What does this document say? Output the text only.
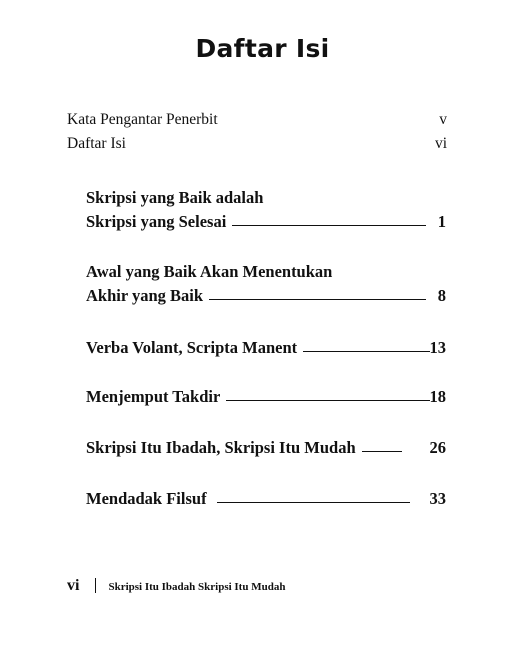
Daftar Isi
Kata Pengantar Penerbit	v
Daftar Isi	vi
Skripsi yang Baik adalah
Skripsi yang Selesai	1
Awal yang Baik Akan Menentukan
Akhir yang Baik	8
Verba Volant, Scripta Manent	13
Menjemput Takdir	18
Skripsi Itu Ibadah, Skripsi Itu Mudah	26
Mendadak Filsuf	33
vi	Skripsi Itu Ibadah Skripsi Itu Mudah
